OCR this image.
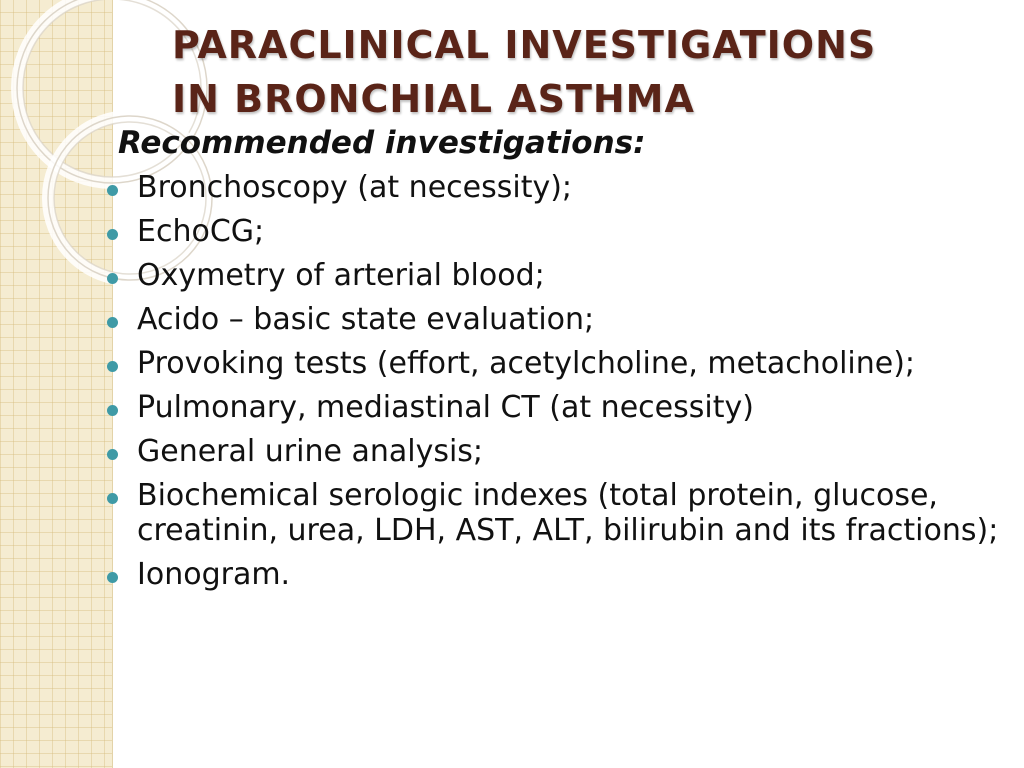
PARACLINICAL INVESTIGATIONS
IN BRONCHIAL ASTHMA

Recommended investigations:

Bronchoscopy (at necessity);
EchoCG;
Oxymetry of arterial blood;
Acido – basic state evaluation;
Provoking tests (effort, acetylcholine, metacholine);
Pulmonary, mediastinal CT (at necessity)
General urine analysis;
Biochemical serologic indexes (total protein, glucose, creatinin, urea, LDH, AST, ALT, bilirubin and its fractions);
Ionogram.
